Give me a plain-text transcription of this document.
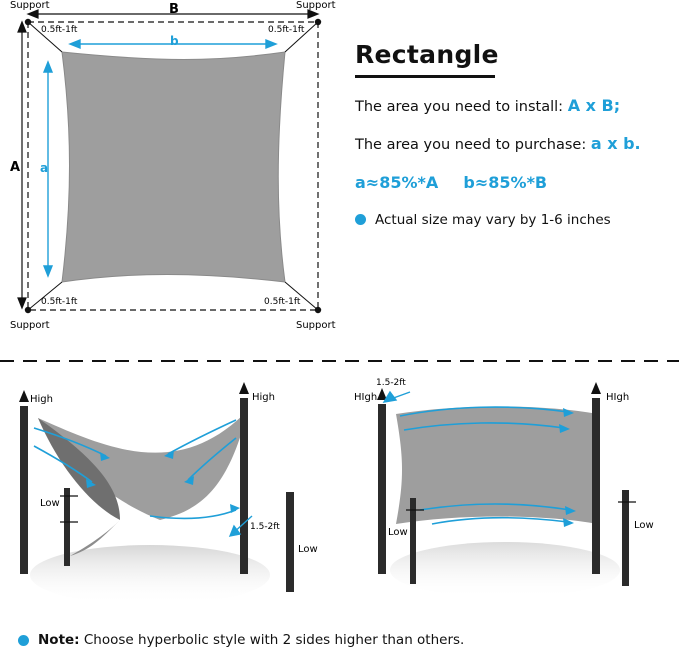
Support	Support
Support	Support
0.5ft-1ft	0.5ft-1ft
0.5ft-1ft	0.5ft-1ft
B
A
b
a
Rectangle

The area you need to install: A x B;

The area you need to purchase: a x b.

a≈85%*A b≈85%*B

Actual size may vary by 1-6 inches
High	High
Low
Low
1.5-2ft
HIgh	HIgh
Low
Low
1.5-2ft
Note: Choose hyperbolic style with 2 sides higher than others.
